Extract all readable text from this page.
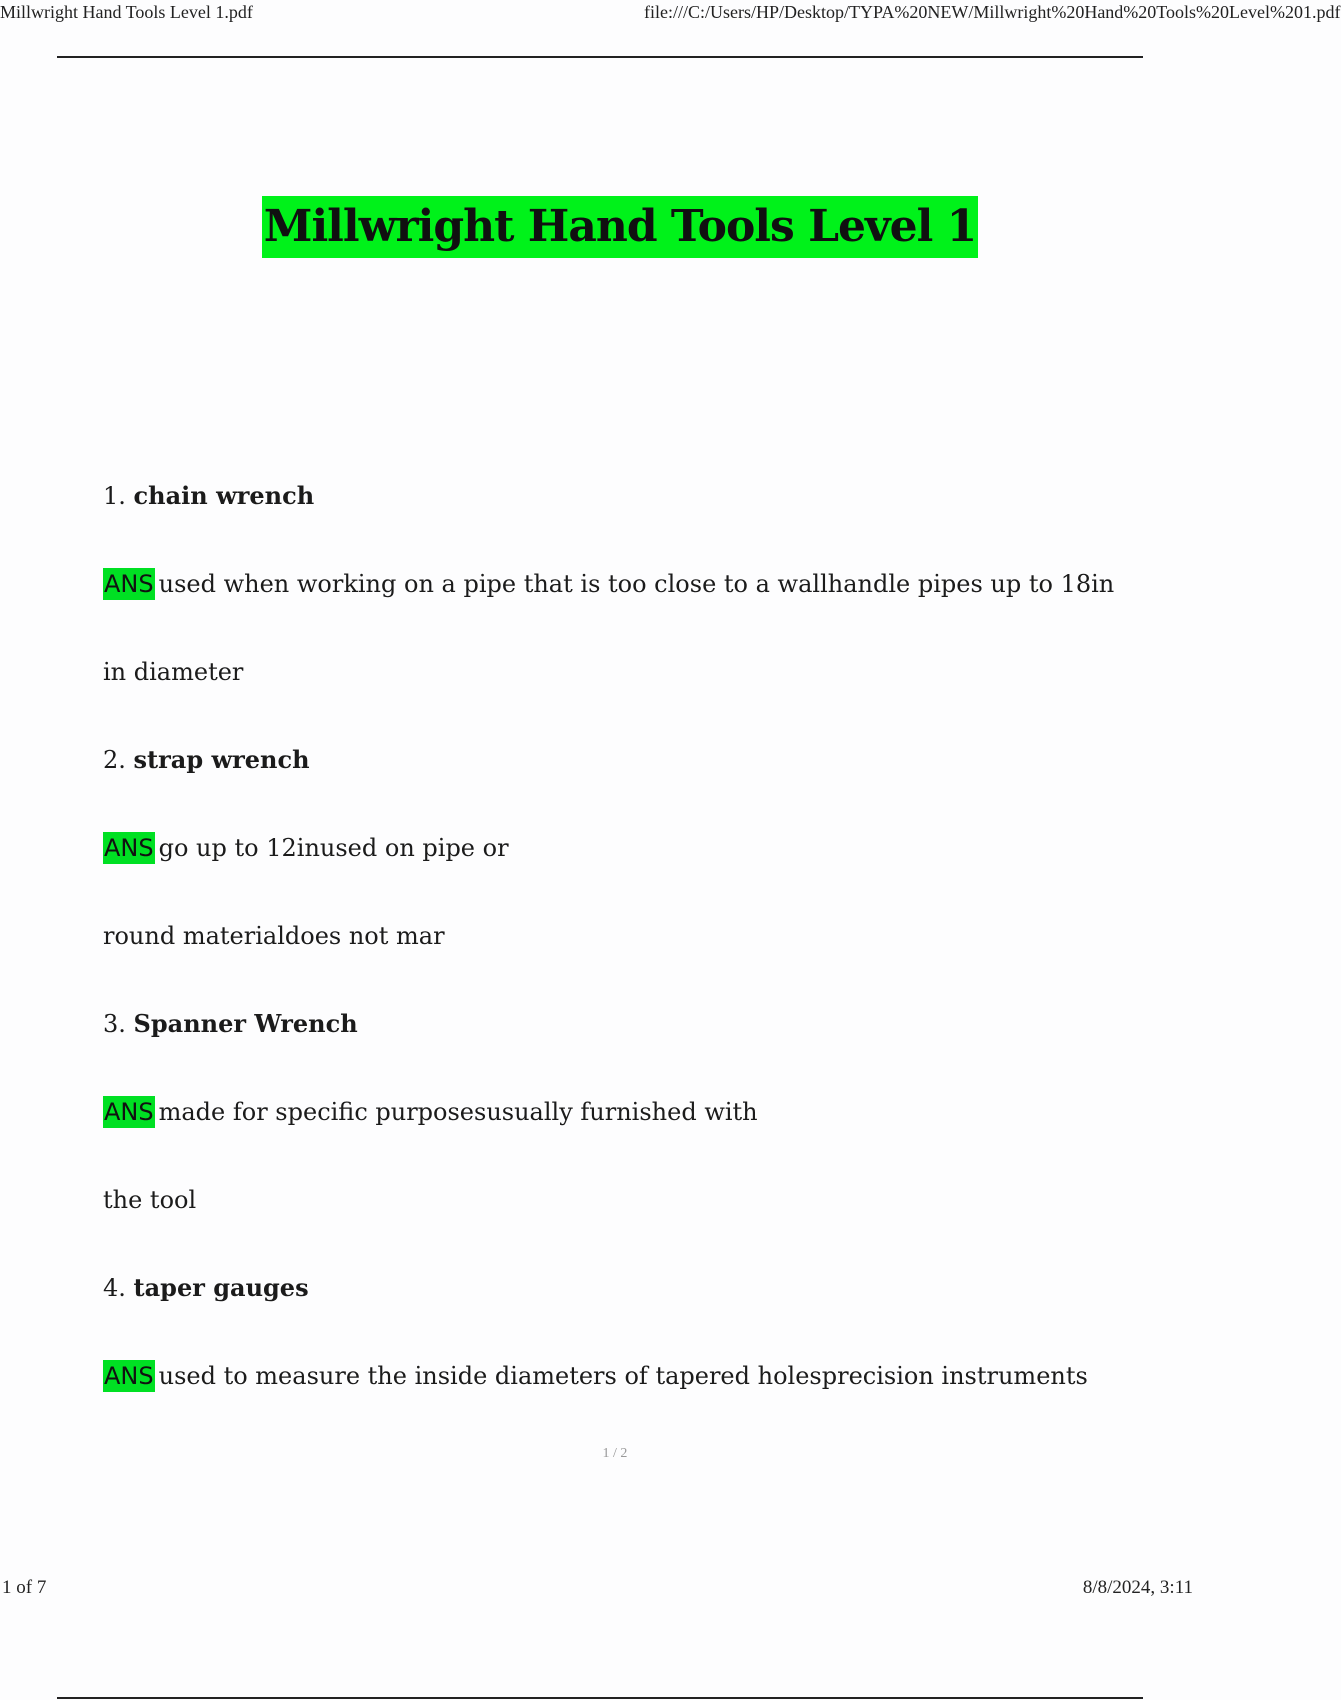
Millwright Hand Tools Level 1.pdf	file:///C:/Users/HP/Desktop/TYPA%20NEW/Millwright%20Hand%20Tools%20Level%201.pdf
Millwright Hand Tools Level 1
1. chain wrench
ANS used when working on a pipe that is too close to a wallhandle pipes up to 18in
in diameter
2. strap wrench
ANS go up to 12inused on pipe or
round materialdoes not mar
3. Spanner Wrench
ANS made for specific purposesusually furnished with
the tool
4. taper gauges
ANS used to measure the inside diameters of tapered holesprecision instruments
1 / 2
1 of 7	8/8/2024, 3:11
